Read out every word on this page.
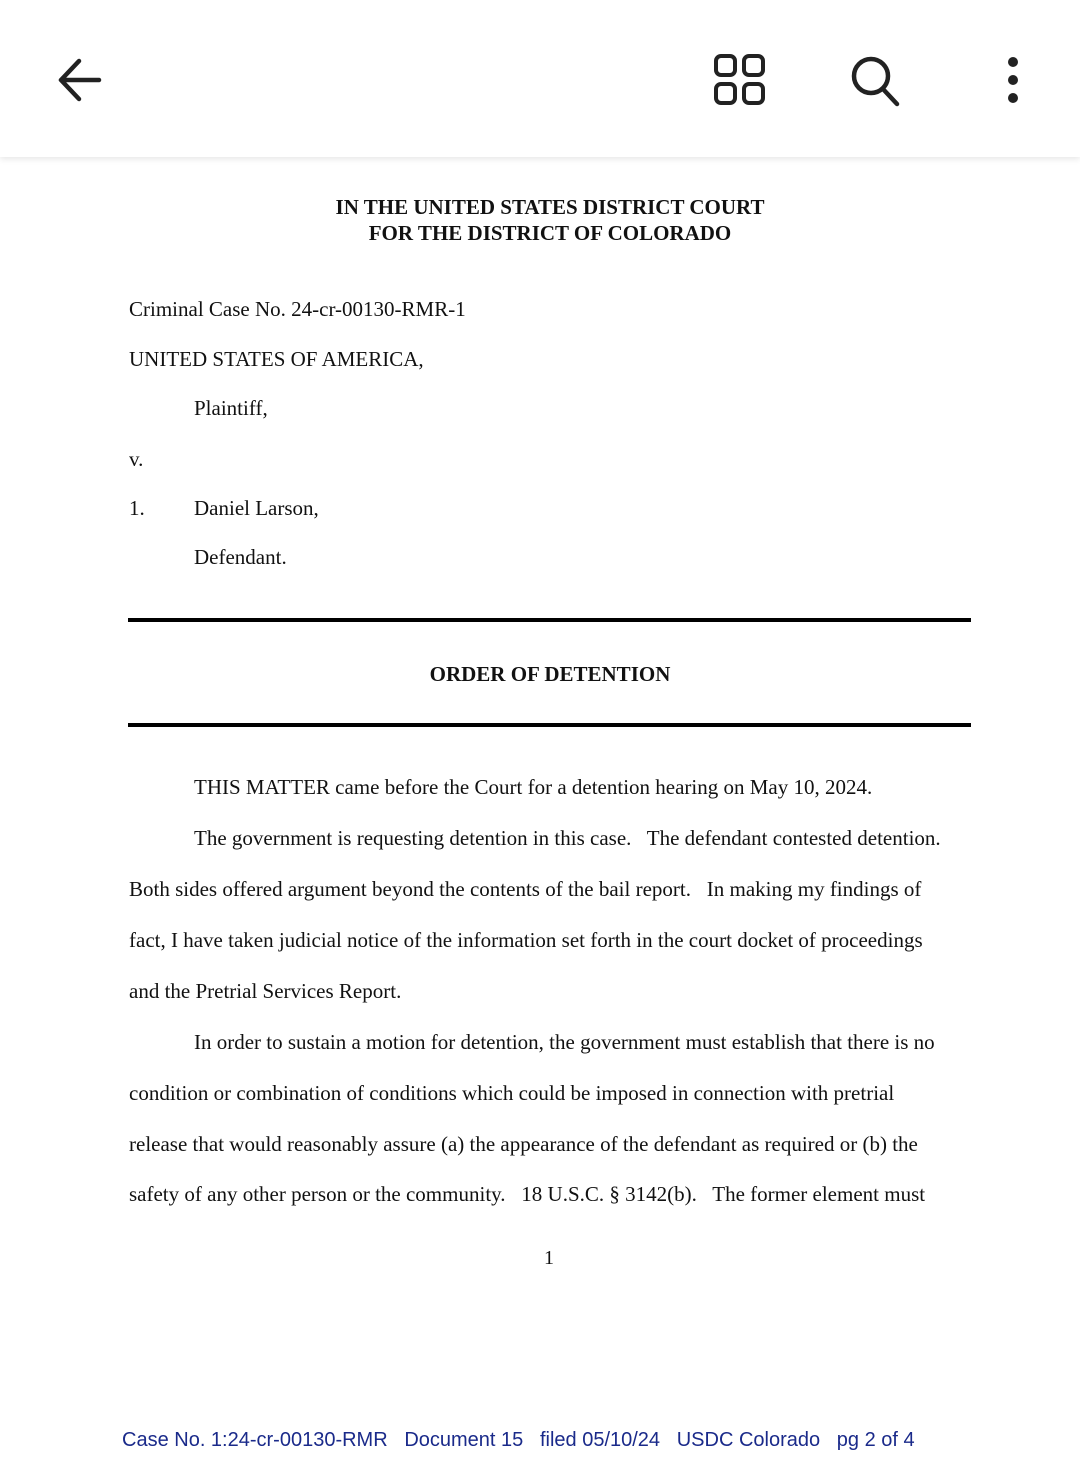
IN THE UNITED STATES DISTRICT COURT
FOR THE DISTRICT OF COLORADO
Criminal Case No. 24-cr-00130-RMR-1
UNITED STATES OF AMERICA,
Plaintiff,
v.
1. Daniel Larson,
Defendant.
ORDER OF DETENTION
THIS MATTER came before the Court for a detention hearing on May 10, 2024.
The government is requesting detention in this case.   The defendant contested detention.
Both sides offered argument beyond the contents of the bail report.   In making my findings of
fact, I have taken judicial notice of the information set forth in the court docket of proceedings
and the Pretrial Services Report.
In order to sustain a motion for detention, the government must establish that there is no
condition or combination of conditions which could be imposed in connection with pretrial
release that would reasonably assure (a) the appearance of the defendant as required or (b) the
safety of any other person or the community.   18 U.S.C. § 3142(b).   The former element must
1
Case No. 1:24-cr-00130-RMR   Document 15   filed 05/10/24   USDC Colorado   pg 2 of 4
